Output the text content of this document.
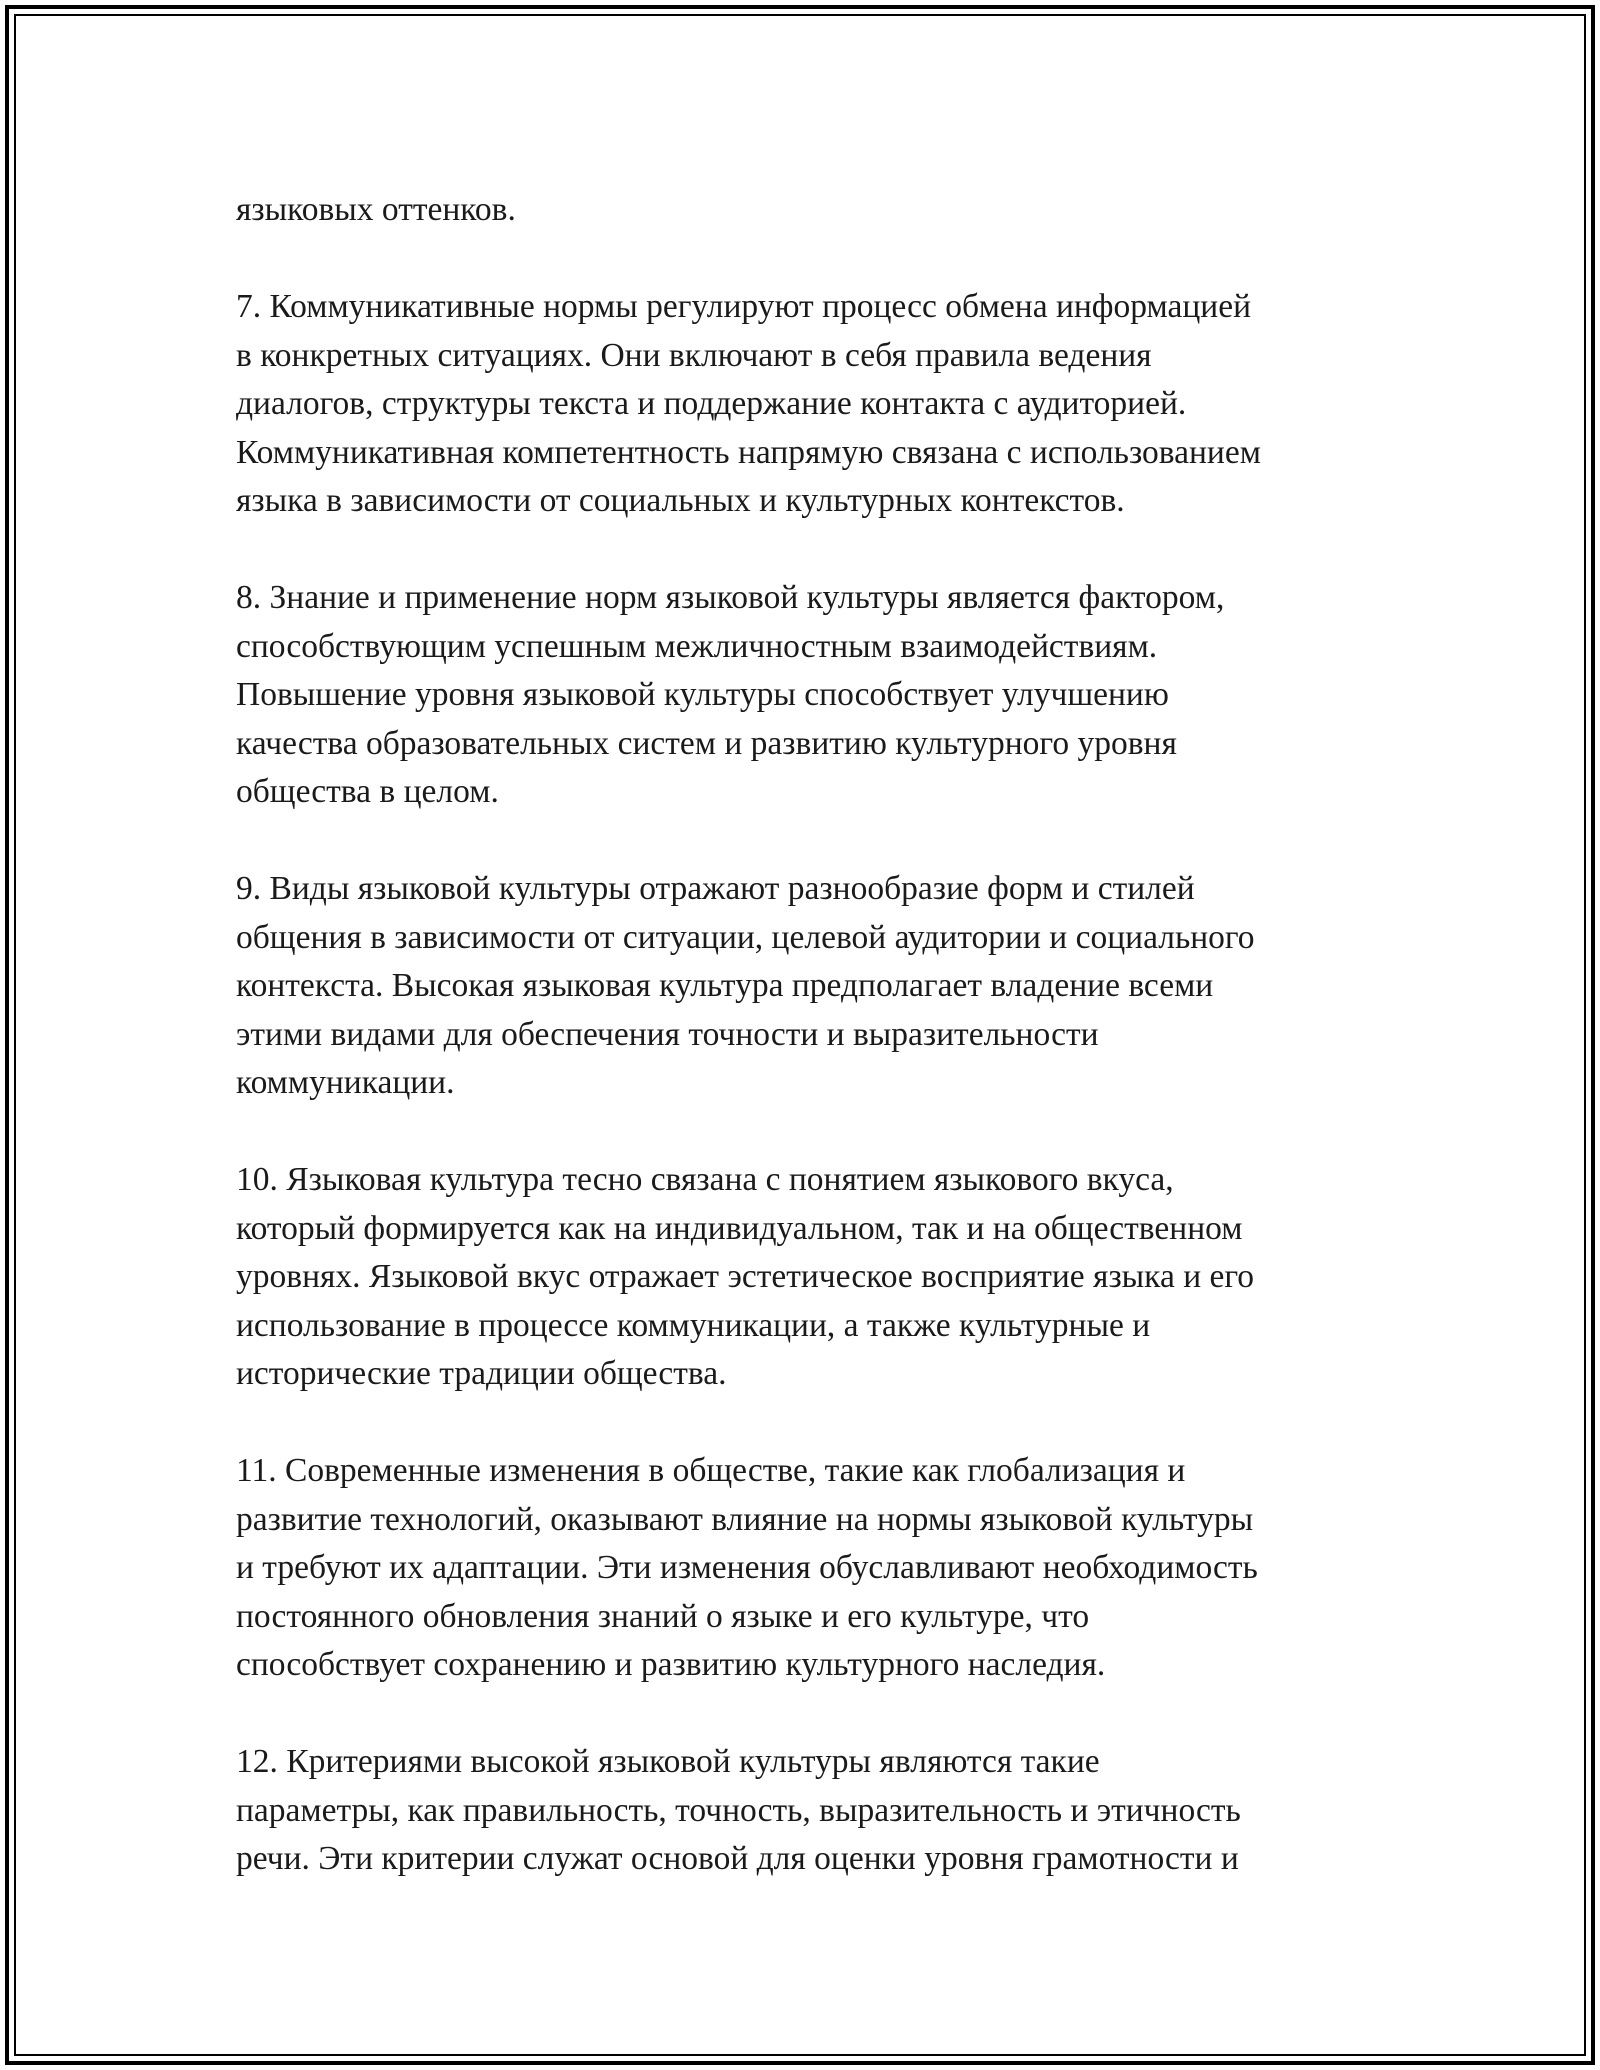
языковых оттенков.

7. Коммуникативные нормы регулируют процесс обмена информацией
в конкретных ситуациях. Они включают в себя правила ведения
диалогов, структуры текста и поддержание контакта с аудиторией.
Коммуникативная компетентность напрямую связана с использованием
языка в зависимости от социальных и культурных контекстов.

8. Знание и применение норм языковой культуры является фактором,
способствующим успешным межличностным взаимодействиям.
Повышение уровня языковой культуры способствует улучшению
качества образовательных систем и развитию культурного уровня
общества в целом.

9. Виды языковой культуры отражают разнообразие форм и стилей
общения в зависимости от ситуации, целевой аудитории и социального
контекста. Высокая языковая культура предполагает владение всеми
этими видами для обеспечения точности и выразительности
коммуникации.

10. Языковая культура тесно связана с понятием языкового вкуса,
который формируется как на индивидуальном, так и на общественном
уровнях. Языковой вкус отражает эстетическое восприятие языка и его
использование в процессе коммуникации, а также культурные и
исторические традиции общества.

11. Современные изменения в обществе, такие как глобализация и
развитие технологий, оказывают влияние на нормы языковой культуры
и требуют их адаптации. Эти изменения обуславливают необходимость
постоянного обновления знаний о языке и его культуре, что
способствует сохранению и развитию культурного наследия.

12. Критериями высокой языковой культуры являются такие
параметры, как правильность, точность, выразительность и этичность
речи. Эти критерии служат основой для оценки уровня грамотности и
